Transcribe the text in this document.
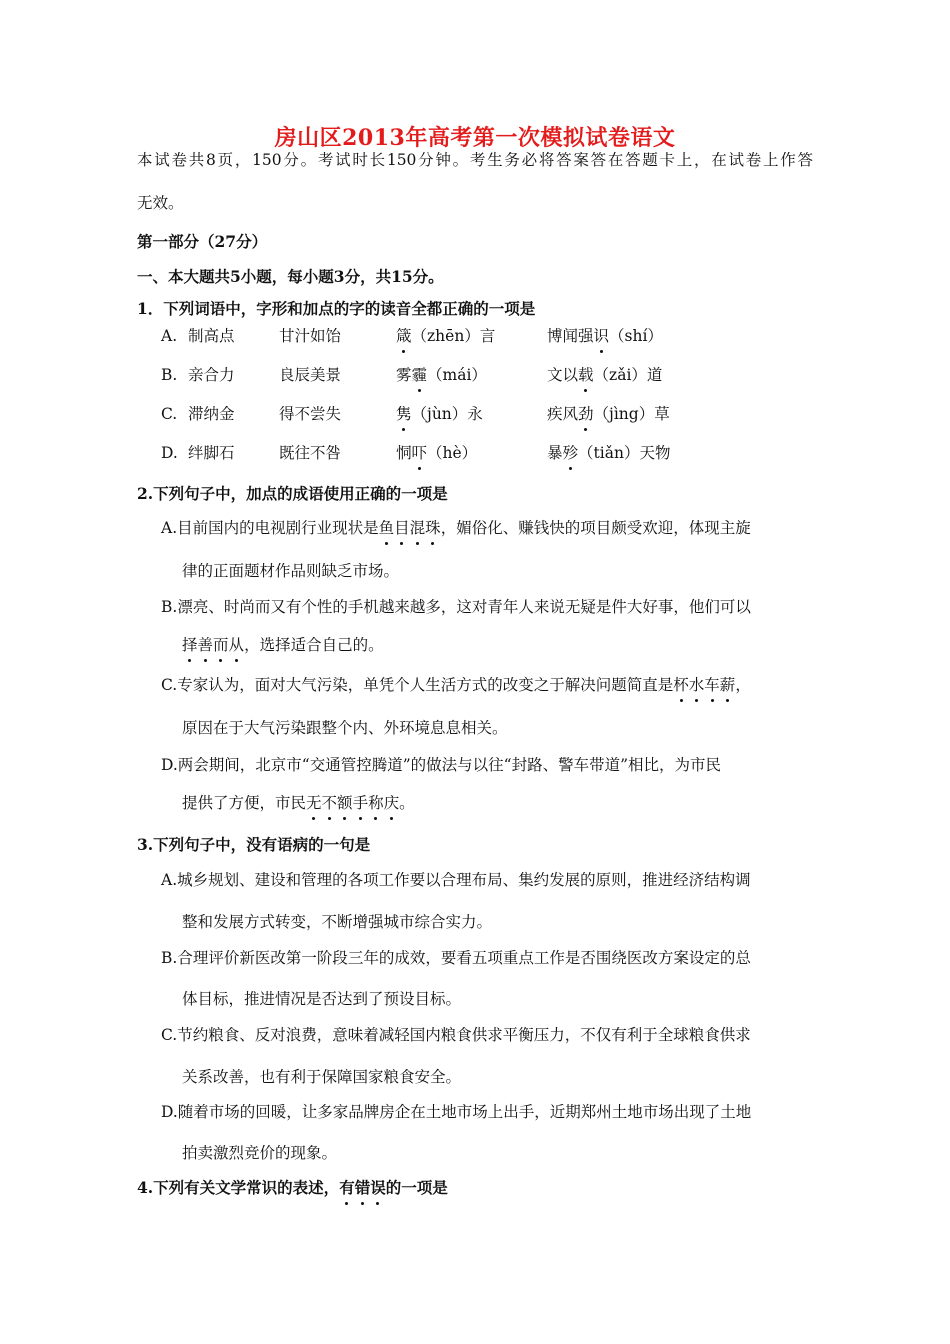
房山区2013年高考第一次模拟试卷语文
本试卷共8页，150分。考试时长150分钟。考生务必将答案答在答题卡上，在试卷上作答
无效。
第一部分（27分）
一、本大题共5小题，每小题3分，共15分。
1．下列词语中，字形和加点的字的读音全都正确的一项是
A. 制高点	甘汁如饴	箴（zhēn）言	博闻强识（shí）
B. 亲合力	良辰美景	雾霾（mái）	文以载（zǎi）道
C. 滞纳金	得不尝失	隽（jùn）永	疾风劲（jìng）草
D. 绊脚石	既往不咎	恫吓（hè）	暴殄（tiǎn）天物
2.下列句子中，加点的成语使用正确的一项是
A.目前国内的电视剧行业现状是鱼目混珠，媚俗化、赚钱快的项目颇受欢迎，体现主旋
律的正面题材作品则缺乏市场。
B.漂亮、时尚而又有个性的手机越来越多，这对青年人来说无疑是件大好事，他们可以
择善而从，选择适合自己的。
C.专家认为，面对大气污染，单凭个人生活方式的改变之于解决问题简直是杯水车薪，
原因在于大气污染跟整个内、外环境息息相关。
D.两会期间，北京市“交通管控腾道”的做法与以往“封路、警车带道”相比，为市民
提供了方便，市民无不额手称庆。
3.下列句子中，没有语病的一句是
A.城乡规划、建设和管理的各项工作要以合理布局、集约发展的原则，推进经济结构调
整和发展方式转变，不断增强城市综合实力。
B.合理评价新医改第一阶段三年的成效，要看五项重点工作是否围绕医改方案设定的总
体目标，推进情况是否达到了预设目标。
C.节约粮食、反对浪费，意味着减轻国内粮食供求平衡压力，不仅有利于全球粮食供求
关系改善，也有利于保障国家粮食安全。
D.随着市场的回暖，让多家品牌房企在土地市场上出手，近期郑州土地市场出现了土地
拍卖激烈竞价的现象。
4.下列有关文学常识的表述，有错误的一项是
